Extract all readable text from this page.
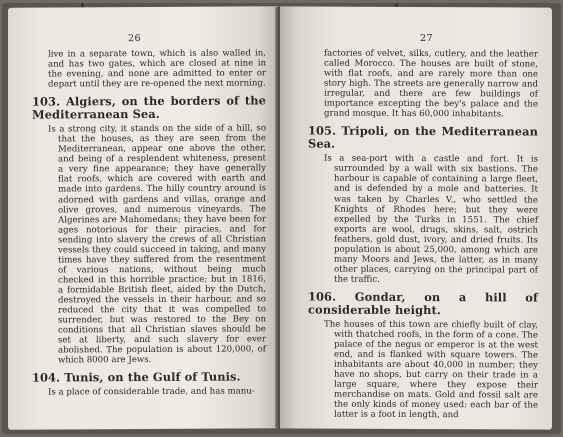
26

live in a separate town, which is also walled in, and has two gates, which are closed at nine in the evening, and none are admitted to enter or depart until they are re-opened the next morning.

103. Algiers, on the borders of the Mediterranean Sea.

Is a strong city, it stands on the side of a hill, so that the houses, as they are seen from the Mediterranean, appear one above the other, and being of a resplendent whiteness, present a very fine appearance; they have generally flat roofs, which are covered with earth and made into gardens. The hilly country around is adorned with gardens and villas, orange and olive groves, and numerous vineyards. The Algerines are Mahomedans; they have been for ages notorious for their piracies, and for sending into slavery the crews of all Christian vessels they could succeed in taking, and many times have they suffered from the resentment of various nations, without being much checked in this horrible practice; but in 1816, a formidable British fleet, aided by the Dutch, destroyed the vessels in their harbour, and so reduced the city that it was compelled to surrender, but was restored to the Bey on conditions that all Christian slaves should be set at liberty, and such slavery for ever abolished. The population is about 120,000, of which 8000 are Jews.

104. Tunis, on the Gulf of Tunis.

Is a place of considerable trade, and has manu-

27

factories of velvet, silks, cutlery, and the leather called Morocco. The houses are built of stone, with flat roofs, and are rarely more than one story high. The streets are generally narrow and irregular, and there are few buildings of importance excepting the bey's palace and the grand mosque. It has 60,000 inhabitants.

105. Tripoli, on the Mediterranean Sea.

Is a sea-port with a castle and fort. It is surrounded by a wall with six bastions. The harbour is capable of containing a large fleet, and is defended by a mole and batteries. It was taken by Charles V., who settled the Knights of Rhodes here; but they were expelled by the Turks in 1551. The chief exports are wool, drugs, skins, salt, ostrich feathers, gold dust, ivory, and dried fruits. Its population is about 25,000, among which are many Moors and Jews, the latter, as in many other places, carrying on the principal part of the traffic.

106. Gondar, on a hill of considerable height.

The houses of this town are chiefly built of clay, with thatched roofs, in the form of a cone. The palace of the negus or emperor is at the west end, and is flanked with square towers. The inhabitants are about 40,000 in number; they have no shops, but carry on their trade in a large square, where they expose their merchandise on mats. Gold and fossil salt are the only kinds of money used: each bar of the latter is a foot in length, and
